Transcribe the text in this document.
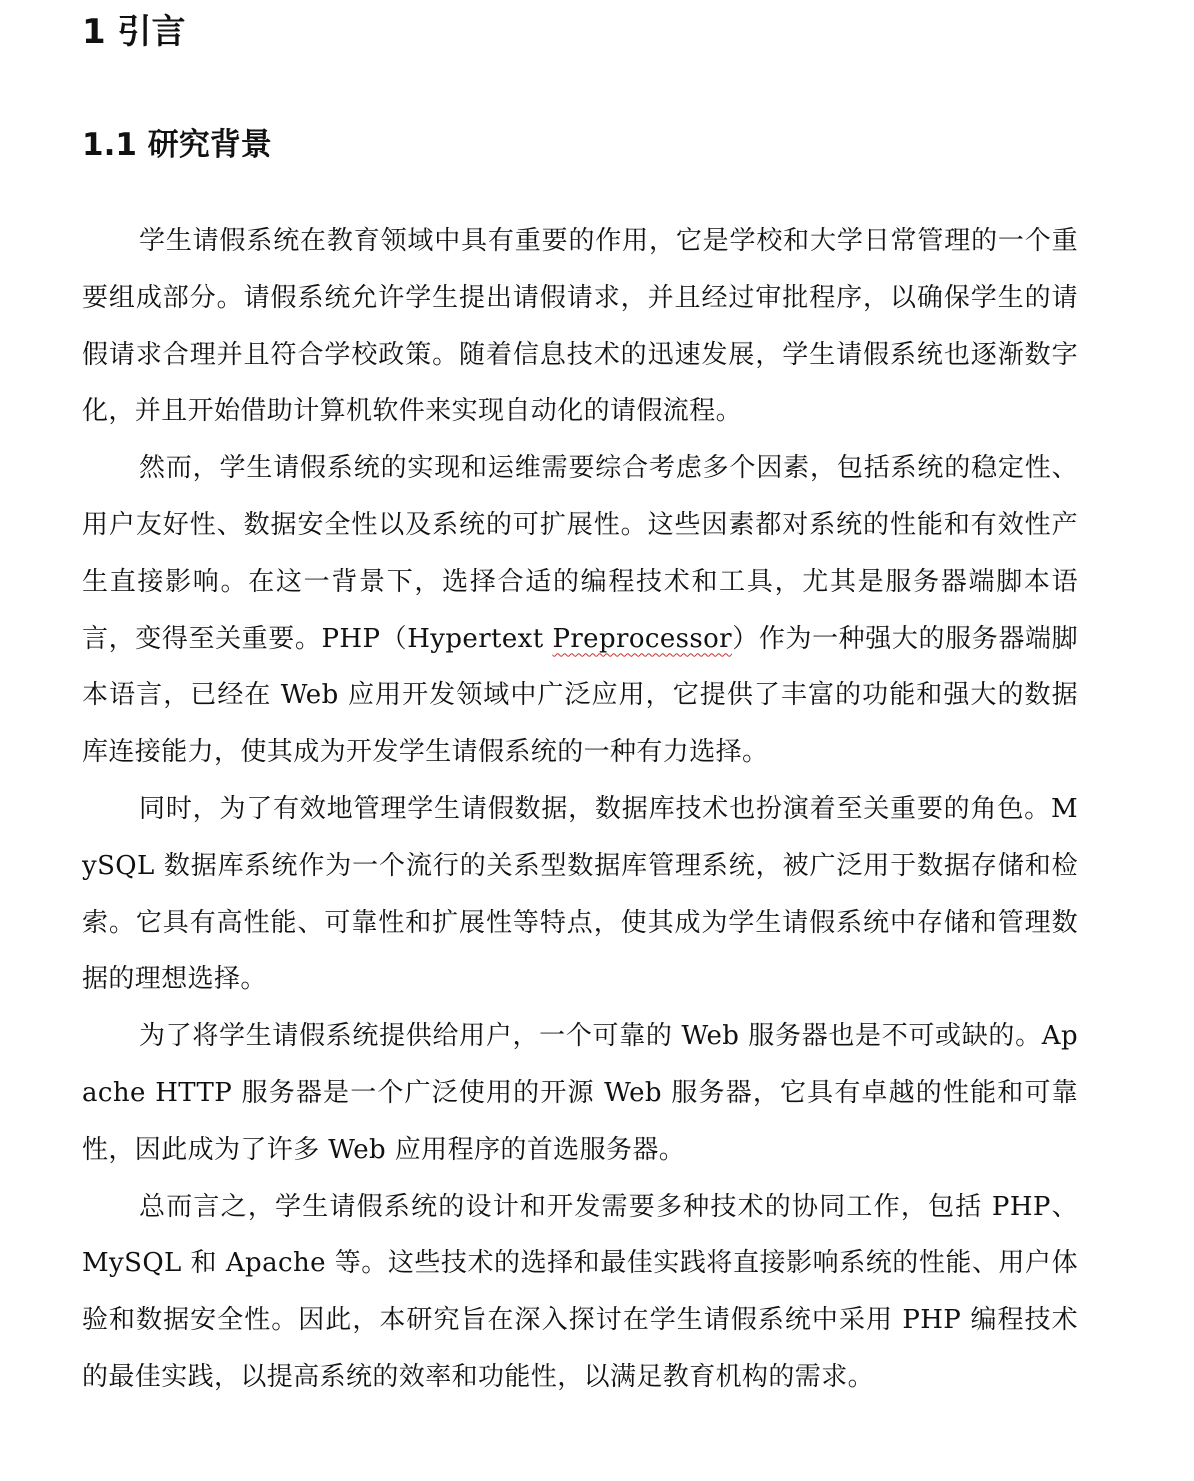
1 引言
1.1 研究背景

学生请假系统在教育领域中具有重要的作用，它是学校和大学日常管理的一个重要组成部分。请假系统允许学生提出请假请求，并且经过审批程序，以确保学生的请假请求合理并且符合学校政策。随着信息技术的迅速发展，学生请假系统也逐渐数字化，并且开始借助计算机软件来实现自动化的请假流程。

然而，学生请假系统的实现和运维需要综合考虑多个因素，包括系统的稳定性、用户友好性、数据安全性以及系统的可扩展性。这些因素都对系统的性能和有效性产生直接影响。在这一背景下，选择合适的编程技术和工具，尤其是服务器端脚本语言，变得至关重要。PHP（Hypertext Preprocessor）作为一种强大的服务器端脚本语言，已经在 Web 应用开发领域中广泛应用，它提供了丰富的功能和强大的数据库连接能力，使其成为开发学生请假系统的一种有力选择。

同时，为了有效地管理学生请假数据，数据库技术也扮演着至关重要的角色。MySQL 数据库系统作为一个流行的关系型数据库管理系统，被广泛用于数据存储和检索。它具有高性能、可靠性和扩展性等特点，使其成为学生请假系统中存储和管理数据的理想选择。

为了将学生请假系统提供给用户，一个可靠的 Web 服务器也是不可或缺的。Apache HTTP 服务器是一个广泛使用的开源 Web 服务器，它具有卓越的性能和可靠性，因此成为了许多 Web 应用程序的首选服务器。

总而言之，学生请假系统的设计和开发需要多种技术的协同工作，包括 PHP、MySQL 和 Apache 等。这些技术的选择和最佳实践将直接影响系统的性能、用户体验和数据安全性。因此，本研究旨在深入探讨在学生请假系统中采用 PHP 编程技术的最佳实践，以提高系统的效率和功能性，以满足教育机构的需求。
